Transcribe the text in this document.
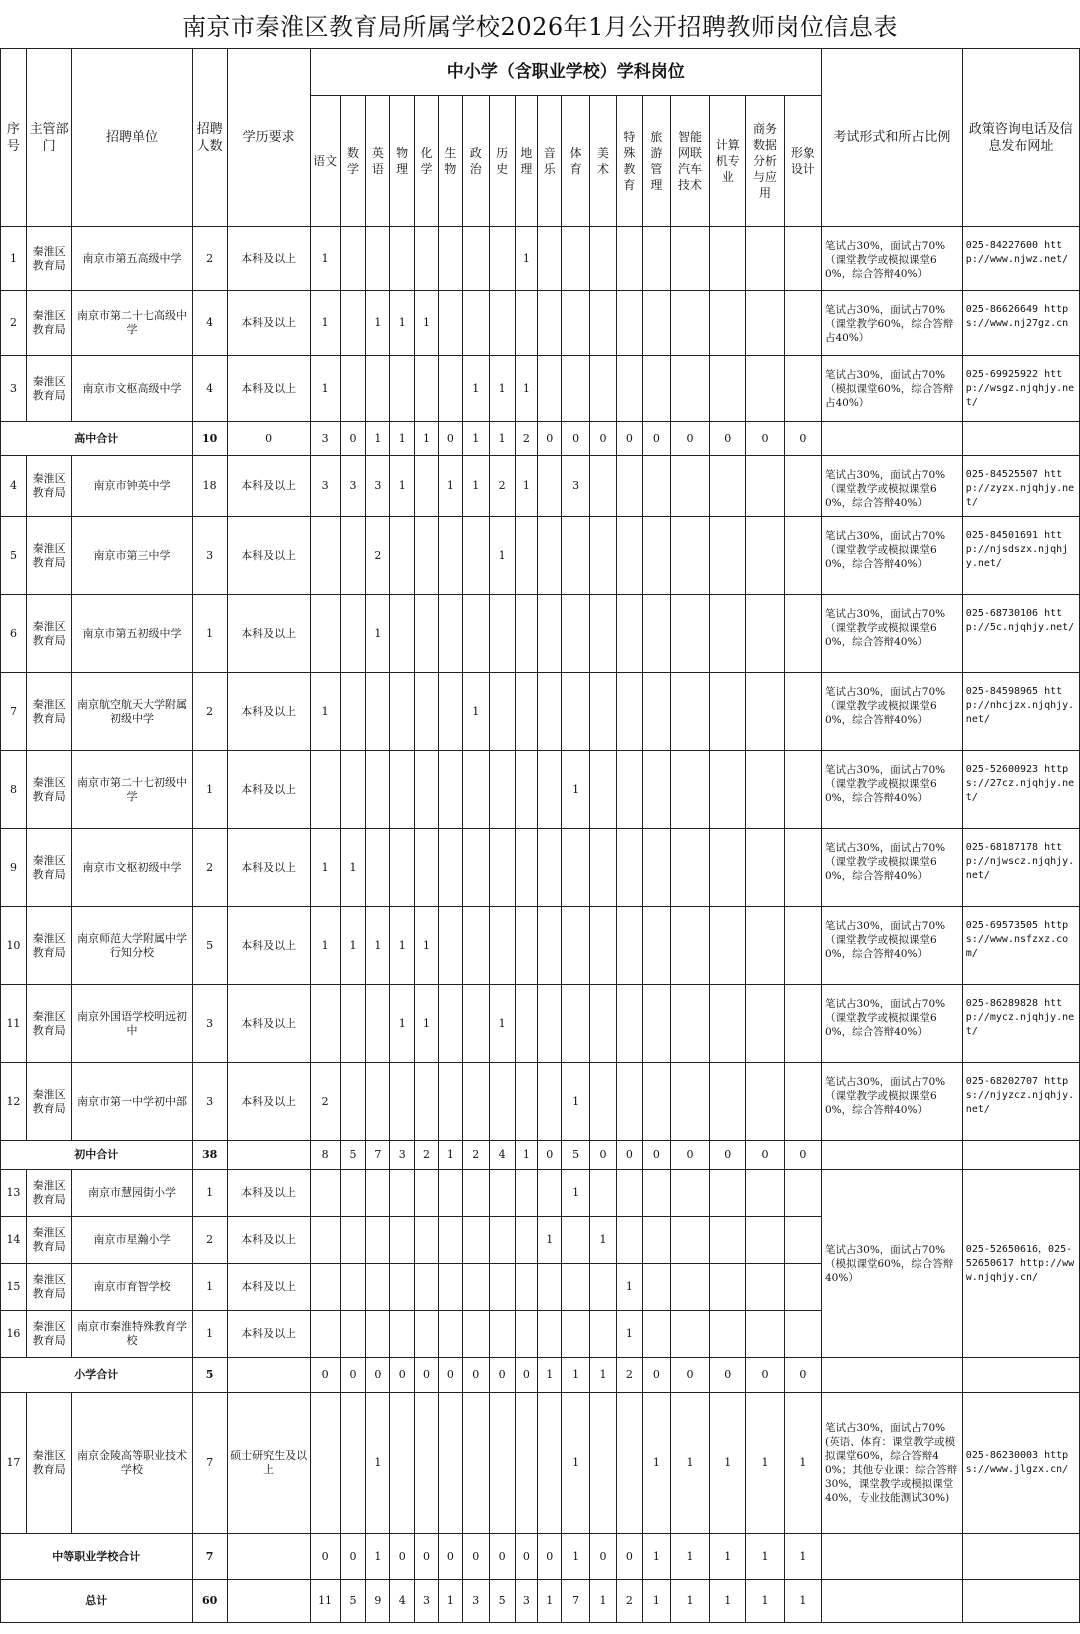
南京市秦淮区教育局所属学校2026年1月公开招聘教师岗位信息表
序号	主管部门	招聘单位	招聘人数	学历要求	中小学（含职业学校）学科岗位																		考试形式和所占比例	政策咨询电话及信息发布网址
					语文	数学	英语	物理	化学	生物	政治	历史	地理	音乐	体育	美术	特殊教育	旅游管理	智能网联汽车技术	计算机专业	商务数据分析与应用	形象设计		
1	秦淮区教育局	南京市第五高级中学	2	本科及以上	1								1										笔试占30%，面试占70%（课堂教学或模拟课堂60%，综合答辩40%）	025-84227600 http://www.njwz.net/
2	秦淮区教育局	南京市第二十七高级中学	4	本科及以上	1		1	1	1														笔试占30%，面试占70%（课堂教学60%，综合答辩占40%）	025-86626649 https://www.nj27gz.cn
3	秦淮区教育局	南京市文枢高级中学	4	本科及以上	1						1	1	1										笔试占30%，面试占70%（模拟课堂60%，综合答辩占40%）	025-69925922 http://wsgz.njqhjy.net/
高中合计			10	0	3	0	1	1	1	0	1	1	2	0	0	0	0	0	0	0	0	0		
4	秦淮区教育局	南京市钟英中学	18	本科及以上	3	3	3	1		1	1	2	1		3								笔试占30%，面试占70%（课堂教学或模拟课堂60%，综合答辩40%）	025-84525507 http://zyzx.njqhjy.net/
5	秦淮区教育局	南京市第三中学	3	本科及以上			2					1											笔试占30%，面试占70%（课堂教学或模拟课堂60%，综合答辩40%）	025-84501691 http://njsdszx.njqhjy.net/
6	秦淮区教育局	南京市第五初级中学	1	本科及以上			1																笔试占30%，面试占70%（课堂教学或模拟课堂60%，综合答辩40%）	025-68730106 http://5c.njqhjy.net/
7	秦淮区教育局	南京航空航天大学附属初级中学	2	本科及以上	1						1												笔试占30%，面试占70%（课堂教学或模拟课堂60%，综合答辩40%）	025-84598965 http://nhcjzx.njqhjy.net/
8	秦淮区教育局	南京市第二十七初级中学	1	本科及以上											1								笔试占30%，面试占70%（课堂教学或模拟课堂60%，综合答辩40%）	025-52600923 https://27cz.njqhjy.net/
9	秦淮区教育局	南京市文枢初级中学	2	本科及以上	1	1																	笔试占30%，面试占70%（课堂教学或模拟课堂60%，综合答辩40%）	025-68187178 http://njwscz.njqhjy.net/
10	秦淮区教育局	南京师范大学附属中学行知分校	5	本科及以上	1	1	1	1	1														笔试占30%，面试占70%（课堂教学或模拟课堂60%，综合答辩40%）	025-69573505 https://www.nsfzxz.com/
11	秦淮区教育局	南京外国语学校明远初中	3	本科及以上				1	1			1											笔试占30%，面试占70%（课堂教学或模拟课堂60%，综合答辩40%）	025-86289828 http://mycz.njqhjy.net/
12	秦淮区教育局	南京市第一中学初中部	3	本科及以上	2										1								笔试占30%，面试占70%（课堂教学或模拟课堂60%，综合答辩40%）	025-68202707 https://njyzcz.njqhjy.net/
初中合计			38		8	5	7	3	2	1	2	4	1	0	5	0	0	0	0	0	0	0		
13	秦淮区教育局	南京市慧园街小学	1	本科及以上											1								笔试占30%，面试占70%（模拟课堂60%，综合答辩40%）	025-52650616，025-52650617 http://www.njqhjy.cn/
14	秦淮区教育局	南京市星瀚小学	2	本科及以上										1		1								
15	秦淮区教育局	南京市育智学校	1	本科及以上													1							
16	秦淮区教育局	南京市秦淮特殊教育学校	1	本科及以上													1							
小学合计			5		0	0	0	0	0	0	0	0	0	1	1	1	2	0	0	0	0	0		
17	秦淮区教育局	南京金陵高等职业技术学校	7	硕士研究生及以上			1								1			1	1	1	1	1	笔试占30%，面试占70%(英语、体育：课堂教学或模拟课堂60%，综合答辩40%；其他专业课：综合答辩30%，课堂教学或模拟课堂40%，专业技能测试30%)	025-86230003 https://www.jlgzx.cn/
中等职业学校合计			7		0	0	1	0	0	0	0	0	0	0	1	0	0	1	1	1	1	1		
总计			60		11	5	9	4	3	1	3	5	3	1	7	1	2	1	1	1	1	1		
